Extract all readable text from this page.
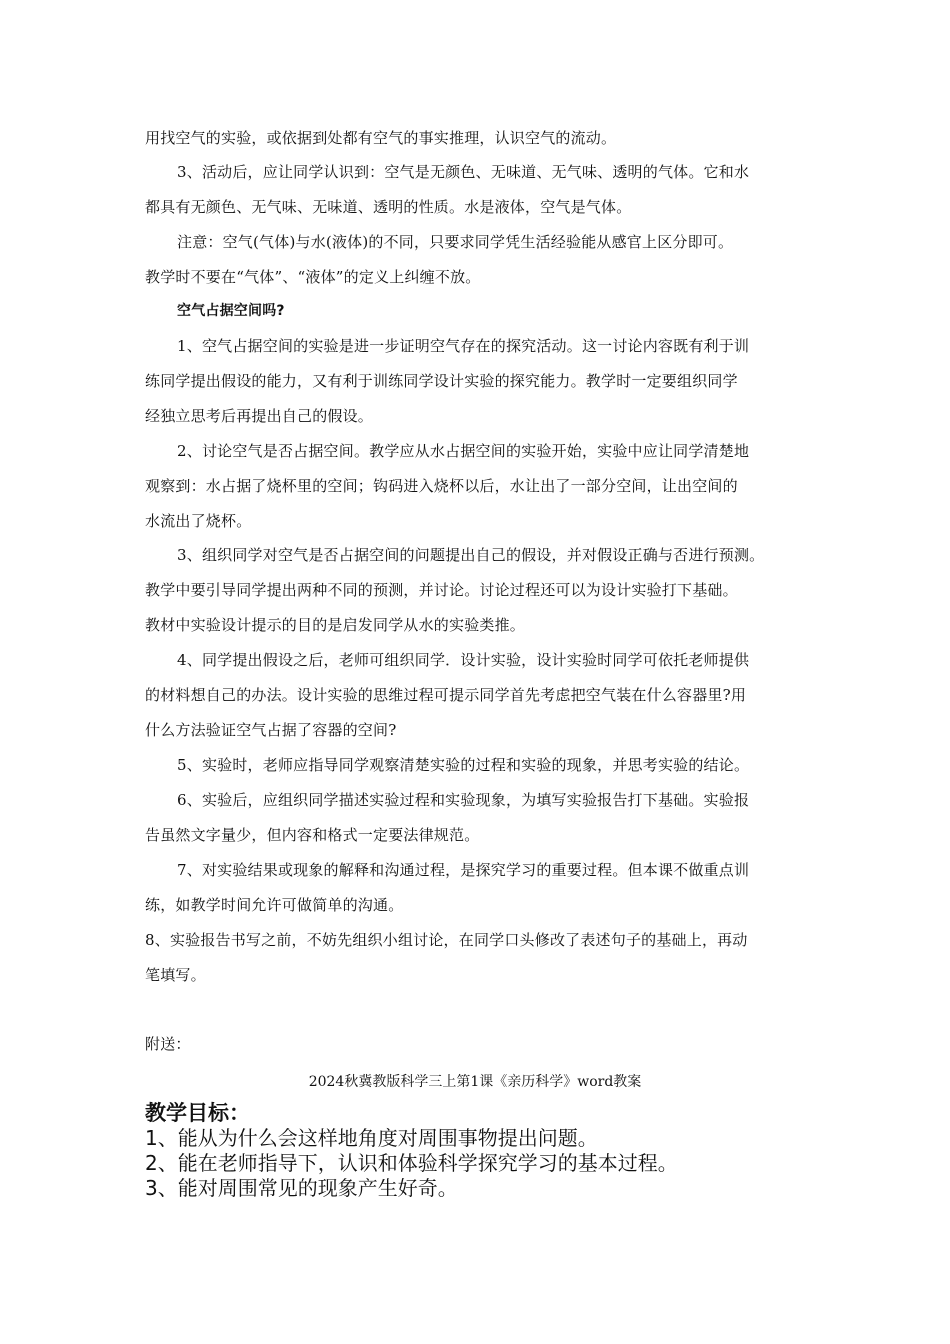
用找空气的实验，或依据到处都有空气的事实推理，认识空气的流动。
3、活动后，应让同学认识到：空气是无颜色、无味道、无气味、透明的气体。它和水
都具有无颜色、无气味、无味道、透明的性质。水是液体，空气是气体。
注意：空气(气体)与水(液体)的不同，只要求同学凭生活经验能从感官上区分即可。
教学时不要在“气体”、“液体”的定义上纠缠不放。
空气占据空间吗?
1、空气占据空间的实验是进一步证明空气存在的探究活动。这一讨论内容既有利于训
练同学提出假设的能力，又有利于训练同学设计实验的探究能力。教学时一定要组织同学
经独立思考后再提出自己的假设。
2、讨论空气是否占据空间。教学应从水占据空间的实验开始，实验中应让同学清楚地
观察到：水占据了烧杯里的空间；钩码进入烧杯以后，水让出了一部分空间，让出空间的
水流出了烧杯。
3、组织同学对空气是否占据空间的问题提出自己的假设，并对假设正确与否进行预测。
教学中要引导同学提出两种不同的预测，并讨论。讨论过程还可以为设计实验打下基础。
教材中实验设计提示的目的是启发同学从水的实验类推。
4、同学提出假设之后，老师可组织同学．设计实验，设计实验时同学可依托老师提供
的材料想自己的办法。设计实验的思维过程可提示同学首先考虑把空气装在什么容器里?用
什么方法验证空气占据了容器的空间?
5、实验时，老师应指导同学观察清楚实验的过程和实验的现象，并思考实验的结论。
6、实验后，应组织同学描述实验过程和实验现象，为填写实验报告打下基础。实验报
告虽然文字量少，但内容和格式一定要法律规范。
7、对实验结果或现象的解释和沟通过程，是探究学习的重要过程。但本课不做重点训
练，如教学时间允许可做简单的沟通。
8、实验报告书写之前，不妨先组织小组讨论，在同学口头修改了表述句子的基础上，再动
笔填写。
附送：
2024秋冀教版科学三上第1课《亲历科学》word教案
教学目标：
1、能从为什么会这样地角度对周围事物提出问题。
2、能在老师指导下，认识和体验科学探究学习的基本过程。
3、能对周围常见的现象产生好奇。
